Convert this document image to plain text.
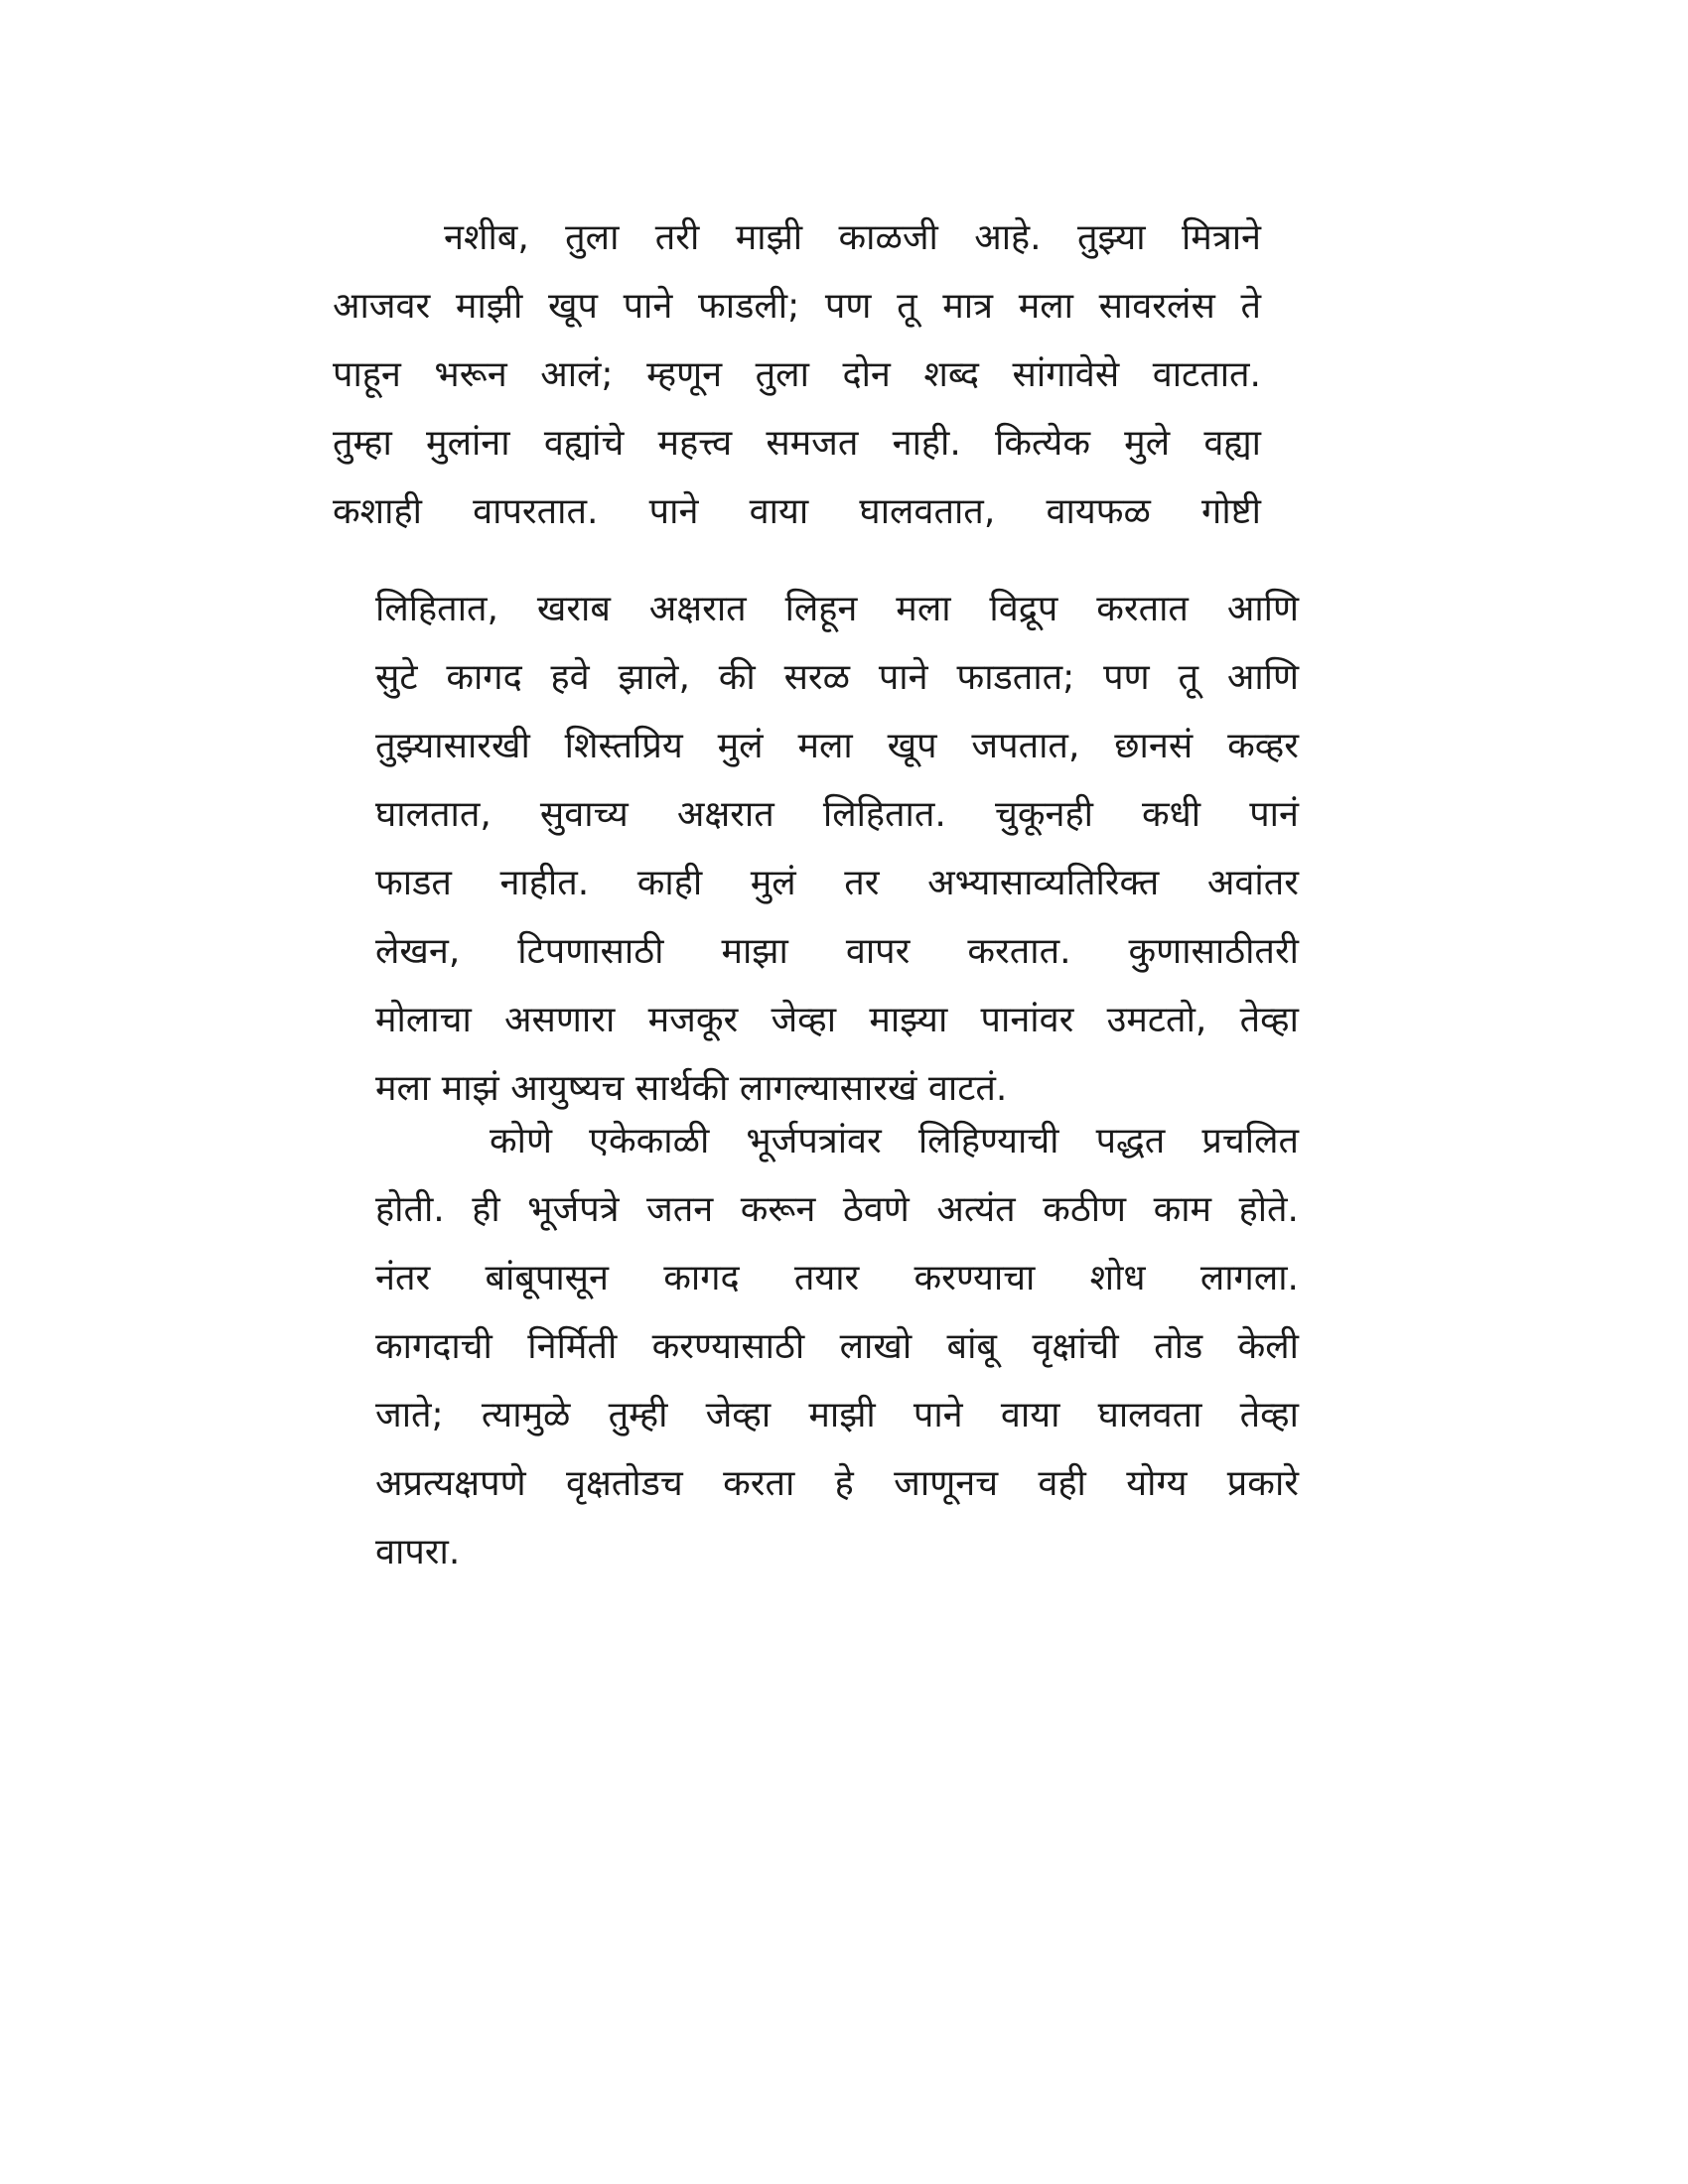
नशीब, तुला तरी माझी काळजी आहे. तुझ्या मित्राने
आजवर माझी खूप पाने फाडली; पण तू मात्र मला सावरलंस ते
पाहून भरून आलं; म्हणून तुला दोन शब्द सांगावेसे वाटतात.
तुम्हा मुलांना वह्यांचे महत्त्व समजत नाही. कित्येक मुले वह्या
कशाही वापरतात. पाने वाया घालवतात, वायफळ गोष्टी
लिहितात, खराब अक्षरात लिहून मला विद्रूप करतात आणि
सुटे कागद हवे झाले, की सरळ पाने फाडतात; पण तू आणि
तुझ्यासारखी शिस्तप्रिय मुलं मला खूप जपतात, छानसं कव्हर
घालतात, सुवाच्य अक्षरात लिहितात. चुकूनही कधी पानं
फाडत नाहीत. काही मुलं तर अभ्यासाव्यतिरिक्त अवांतर
लेखन, टिपणासाठी माझा वापर करतात. कुणासाठीतरी
मोलाचा असणारा मजकूर जेव्हा माझ्या पानांवर उमटतो, तेव्हा
मला माझं आयुष्यच सार्थकी लागल्यासारखं वाटतं.
कोणे एकेकाळी भूर्जपत्रांवर लिहिण्याची पद्धत प्रचलित
होती. ही भूर्जपत्रे जतन करून ठेवणे अत्यंत कठीण काम होते.
नंतर बांबूपासून कागद तयार करण्याचा शोध लागला.
कागदाची निर्मिती करण्यासाठी लाखो बांबू वृक्षांची तोड केली
जाते; त्यामुळे तुम्ही जेव्हा माझी पाने वाया घालवता तेव्हा
अप्रत्यक्षपणे वृक्षतोडच करता हे जाणूनच वही योग्य प्रकारे
वापरा.
